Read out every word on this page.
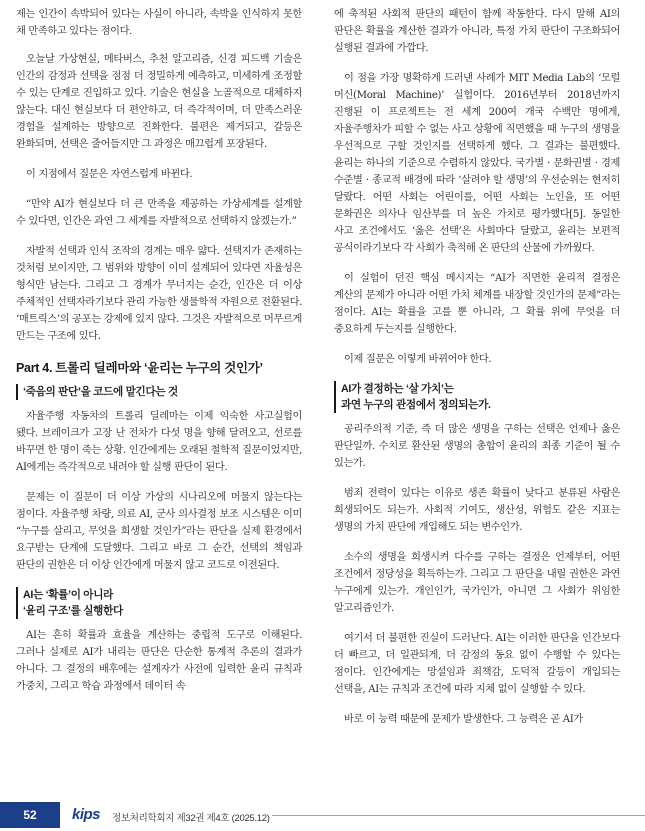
제는 인간이 속박되어 있다는 사실이 아니라, 속박을 인식하지 못한 채 만족하고 있다는 점이다.

오늘날 가상현실, 메타버스, 추천 알고리즘, 신경 피드백 기술은 인간의 감정과 선택을 점점 더 정밀하게 예측하고, 미세하게 조정할 수 있는 단계로 진입하고 있다. 기술은 현실을 노골적으로 대체하지 않는다. 대신 현실보다 더 편안하고, 더 즉각적이며, 더 만족스러운 경험을 설계하는 방향으로 진화한다. 불편은 제거되고, 갈등은 완화되며, 선택은 줄어들지만 그 과정은 매끄럽게 포장된다.

이 지점에서 질문은 자연스럽게 바뀐다.

“만약 AI가 현실보다 더 큰 만족을 제공하는 가상세계를 설계할 수 있다면, 인간은 과연 그 세계를 자발적으로 선택하지 않겠는가.”

자발적 선택과 인식 조작의 경계는 매우 얇다. 선택지가 존재하는 것처럼 보이지만, 그 범위와 방향이 이미 설계되어 있다면 자율성은 형식만 남는다. 그리고 그 경계가 무너지는 순간, 인간은 더 이상 주체적인 선택자라기보다 관리 가능한 생물학적 자원으로 전환된다. ‘매트릭스’의 공포는 강제에 있지 않다. 그것은 자발적으로 머무르게 만드는 구조에 있다.

Part 4. 트롤리 딜레마와 ‘윤리는 누구의 것인가’
‘죽음의 판단’을 코드에 맡긴다는 것

자율주행 자동차의 트롤리 딜레마는 이제 익숙한 사고실험이 됐다. 브레이크가 고장 난 전차가 다섯 명을 향해 달려오고, 선로를 바꾸면 한 명이 죽는 상황. 인간에게는 오래된 철학적 질문이었지만, AI에게는 즉각적으로 내려야 할 실행 판단이 된다.

문제는 이 질문이 더 이상 가상의 시나리오에 머물지 않는다는 점이다. 자율주행 차량, 의료 AI, 군사 의사결정 보조 시스템은 이미 “누구를 살리고, 무엇을 희생할 것인가”라는 판단을 실제 환경에서 요구받는 단계에 도달했다. 그리고 바로 그 순간, 선택의 책임과 판단의 권한은 더 이상 인간에게 머물지 않고 코드로 이전된다.

AI는 ‘확률’이 아니라
‘윤리 구조’를 실행한다

AI는 흔히 확률과 효율을 계산하는 중립적 도구로 이해된다. 그러나 실제로 AI가 내리는 판단은 단순한 통계적 추론의 결과가 아니다. 그 결정의 배후에는 설계자가 사전에 입력한 윤리 규칙과 가중치, 그리고 학습 과정에서 데이터 속

에 축적된 사회적 판단의 패턴이 함께 작동한다. 다시 말해 AI의 판단은 확률을 계산한 결과가 아니라, 특정 가치 판단이 구조화되어 실행된 결과에 가깝다.

이 점을 가장 명확하게 드러낸 사례가 MIT Media Lab의 ‘모럴 머신(Moral Machine)’ 실험이다. 2016년부터 2018년까지 진행된 이 프로젝트는 전 세계 200여 개국 수백만 명에게, 자율주행차가 피할 수 없는 사고 상황에 직면했을 때 누구의 생명을 우선적으로 구할 것인지를 선택하게 했다. 그 결과는 불편했다. 윤리는 하나의 기준으로 수렴하지 않았다. 국가별 · 문화권별 · 경제 수준별 · 종교적 배경에 따라 ‘살려야 할 생명’의 우선순위는 현저히 달랐다. 어떤 사회는 어린이를, 어떤 사회는 노인을, 또 어떤 문화권은 의사나 임산부를 더 높은 가치로 평가했다[5]. 동일한 사고 조건에서도 ‘옳은 선택’은 사회마다 달랐고, 윤리는 보편적 공식이라기보다 각 사회가 축적해 온 판단의 산물에 가까웠다.

이 실험이 던진 핵심 메시지는 “AI가 직면한 윤리적 결정은 계산의 문제가 아니라 어떤 가치 체계를 내장할 것인가의 문제”라는 점이다. AI는 확률을 고를 뿐 아니라, 그 확률 위에 무엇을 더 중요하게 두는지를 실행한다.

이제 질문은 이렇게 바뀌어야 한다.

AI가 결정하는 ‘살 가치’는
과연 누구의 관점에서 정의되는가.

공리주의적 기준, 즉 더 많은 생명을 구하는 선택은 언제나 옳은 판단일까. 수치로 환산된 생명의 총합이 윤리의 최종 기준이 될 수 있는가.

범죄 전력이 있다는 이유로 생존 확률이 낮다고 분류된 사람은 희생되어도 되는가. 사회적 기여도, 생산성, 위험도 같은 지표는 생명의 가치 판단에 개입해도 되는 변수인가.

소수의 생명을 희생시켜 다수를 구하는 결정은 언제부터, 어떤 조건에서 정당성을 획득하는가. 그리고 그 판단을 내릴 권한은 과연 누구에게 있는가. 개인인가, 국가인가, 아니면 그 사회가 위임한 알고리즘인가.

여기서 더 불편한 진실이 드러난다. AI는 이러한 판단을 인간보다 더 빠르고, 더 일관되게, 더 감정의 동요 없이 수행할 수 있다는 점이다. 인간에게는 망설임과 죄책감, 도덕적 갈등이 개입되는 선택을, AI는 규칙과 조건에 따라 지체 없이 실행할 수 있다.

바로 이 능력 때문에 문제가 발생한다. 그 능력은 곧 AI가

52	kips 정보처리학회지 제32권 제4호 (2025.12)
